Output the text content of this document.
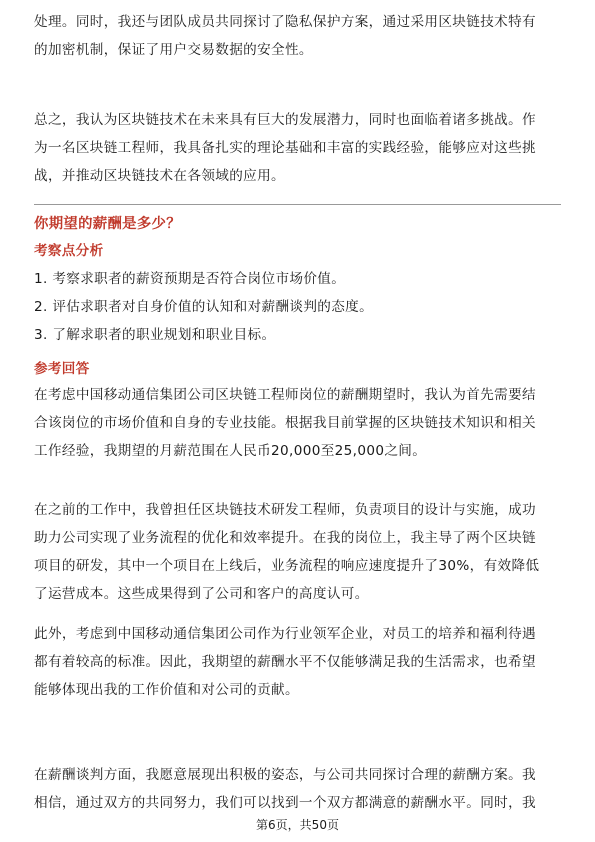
处理。同时，我还与团队成员共同探讨了隐私保护方案，通过采用区块链技术特有
的加密机制，保证了用户交易数据的安全性。

总之，我认为区块链技术在未来具有巨大的发展潜力，同时也面临着诸多挑战。作
为一名区块链工程师，我具备扎实的理论基础和丰富的实践经验，能够应对这些挑
战，并推动区块链技术在各领域的应用。

你期望的薪酬是多少？
考察点分析
1. 考察求职者的薪资预期是否符合岗位市场价值。
2. 评估求职者对自身价值的认知和对薪酬谈判的态度。
3. 了解求职者的职业规划和职业目标。
参考回答

在考虑中国移动通信集团公司区块链工程师岗位的薪酬期望时，我认为首先需要结
合该岗位的市场价值和自身的专业技能。根据我目前掌握的区块链技术知识和相关
工作经验，我期望的月薪范围在人民币20,000至25,000之间。

在之前的工作中，我曾担任区块链技术研发工程师，负责项目的设计与实施，成功
助力公司实现了业务流程的优化和效率提升。在我的岗位上，我主导了两个区块链
项目的研发，其中一个项目在上线后，业务流程的响应速度提升了30%，有效降低
了运营成本。这些成果得到了公司和客户的高度认可。

此外，考虑到中国移动通信集团公司作为行业领军企业，对员工的培养和福利待遇
都有着较高的标准。因此，我期望的薪酬水平不仅能够满足我的生活需求，也希望
能够体现出我的工作价值和对公司的贡献。

在薪酬谈判方面，我愿意展现出积极的姿态，与公司共同探讨合理的薪酬方案。我
相信，通过双方的共同努力，我们可以找到一个双方都满意的薪酬水平。同时，我

第6页，共50页
